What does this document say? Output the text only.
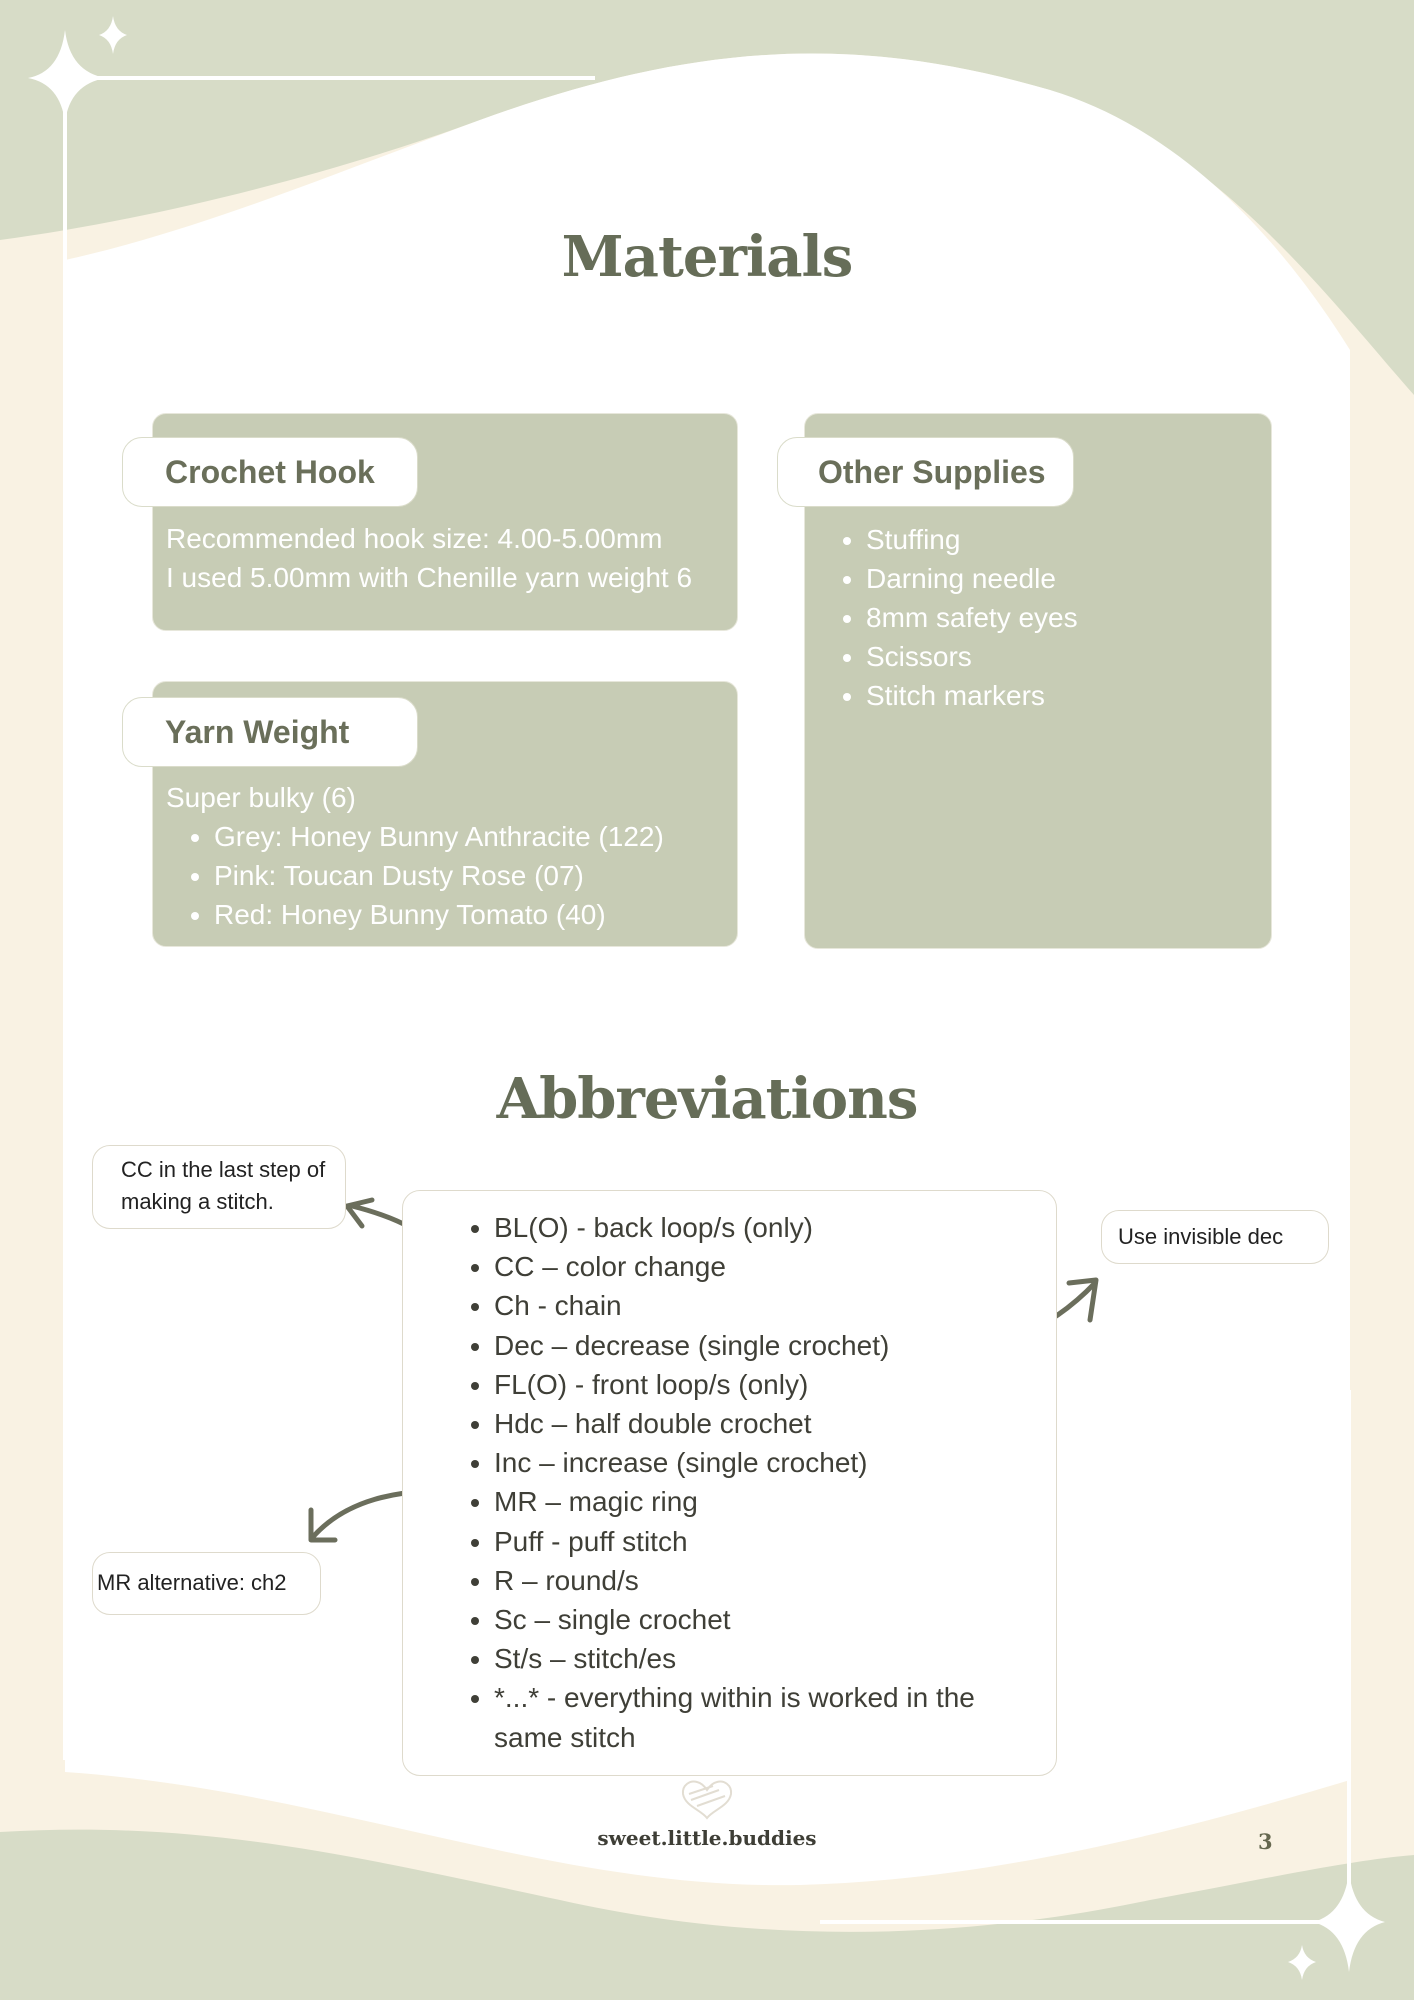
Materials
Crochet Hook
Recommended hook size: 4.00-5.00mm
I used 5.00mm with Chenille yarn weight 6
Yarn Weight
Super bulky (6)
• Grey: Honey Bunny Anthracite (122)
• Pink: Toucan Dusty Rose (07)
• Red: Honey Bunny Tomato (40)
Other Supplies
• Stuffing
• Darning needle
• 8mm safety eyes
• Scissors
• Stitch markers
Abbreviations
• BL(O) - back loop/s (only)
• CC – color change
• Ch - chain
• Dec – decrease (single crochet)
• FL(O) - front loop/s (only)
• Hdc – half double crochet
• Inc – increase (single crochet)
• MR – magic ring
• Puff - puff stitch
• R – round/s
• Sc – single crochet
• St/s – stitch/es
• *...* - everything within is worked in the same stitch
CC in the last step of making a stitch.
Use invisible dec
MR alternative: ch2
sweet.little.buddies	3
